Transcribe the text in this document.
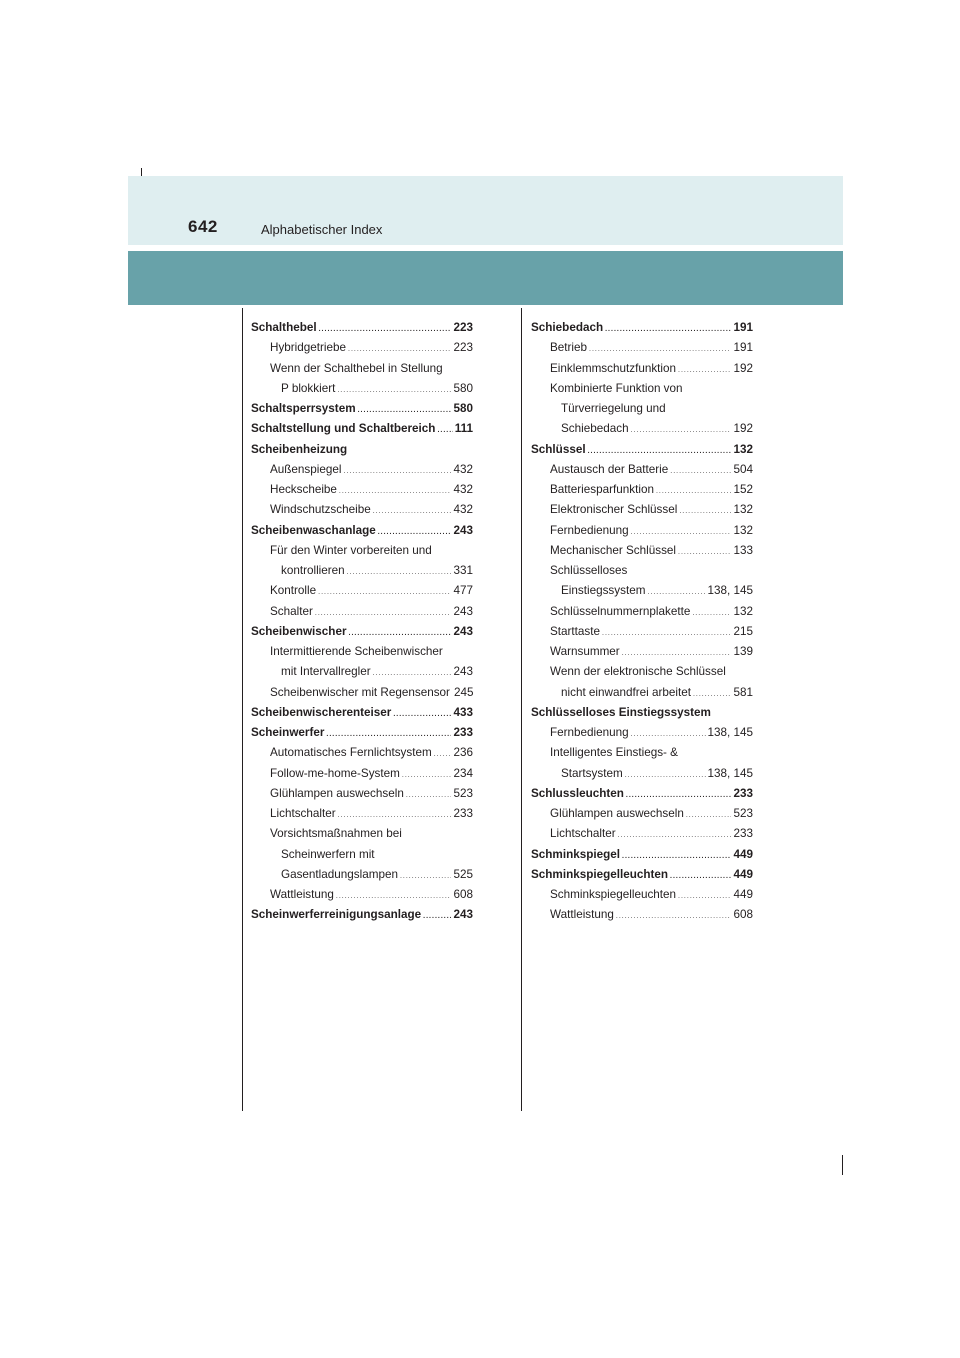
642	Alphabetischer Index
Schalthebel .....	223
Hybridgetriebe .....	223
Wenn der Schalthebel in Stellung
P blokkiert .....	580
Schaltsperrsystem .....	580
Schaltstellung und Schaltbereich ..... 111
Scheibenheizung
Außenspiegel .....	432
Heckscheibe .....	432
Windschutzscheibe .....	432
Scheibenwaschanlage .....	243
Für den Winter vorbereiten und
kontrollieren .....	331
Kontrolle .....	477
Schalter .....	243
Scheibenwischer .....	243
Intermittierende Scheibenwischer
mit Intervallregler .....	243
Scheibenwischer mit Regensensor 245
Scheibenwischerenteiser .....	433
Scheinwerfer .....	233
Automatisches Fernlichtsystem ..... 236
Follow-me-home-System .....	234
Glühlampen auswechseln .....	523
Lichtschalter .....	233
Vorsichtsmaßnahmen bei
Scheinwerfern mit
Gasentladungslampen .....	525
Wattleistung .....	608
Scheinwerferreinigungsanlage .....	243
Schiebedach .....	191
Betrieb .....	191
Einklemmschutzfunktion .....	192
Kombinierte Funktion von
Türverriegelung und
Schiebedach .....	192
Schlüssel .....	132
Austausch der Batterie .....	504
Batteriesparfunktion .....	152
Elektronischer Schlüssel .....	132
Fernbedienung .....	132
Mechanischer Schlüssel .....	133
Schlüsselloses
Einstiegssystem .....	138, 145
Schlüsselnummernplakette .....	132
Starttaste .....	215
Warnsummer .....	139
Wenn der elektronische Schlüssel
nicht einwandfrei arbeitet .....	581
Schlüsselloses Einstiegssystem
Fernbedienung .....	138, 145
Intelligentes Einstiegs- &
Startsystem .....	138, 145
Schlussleuchten .....	233
Glühlampen auswechseln .....	523
Lichtschalter .....	233
Schminkspiegel .....	449
Schminkspiegelleuchten .....	449
Schminkspiegelleuchten .....	449
Wattleistung .....	608
